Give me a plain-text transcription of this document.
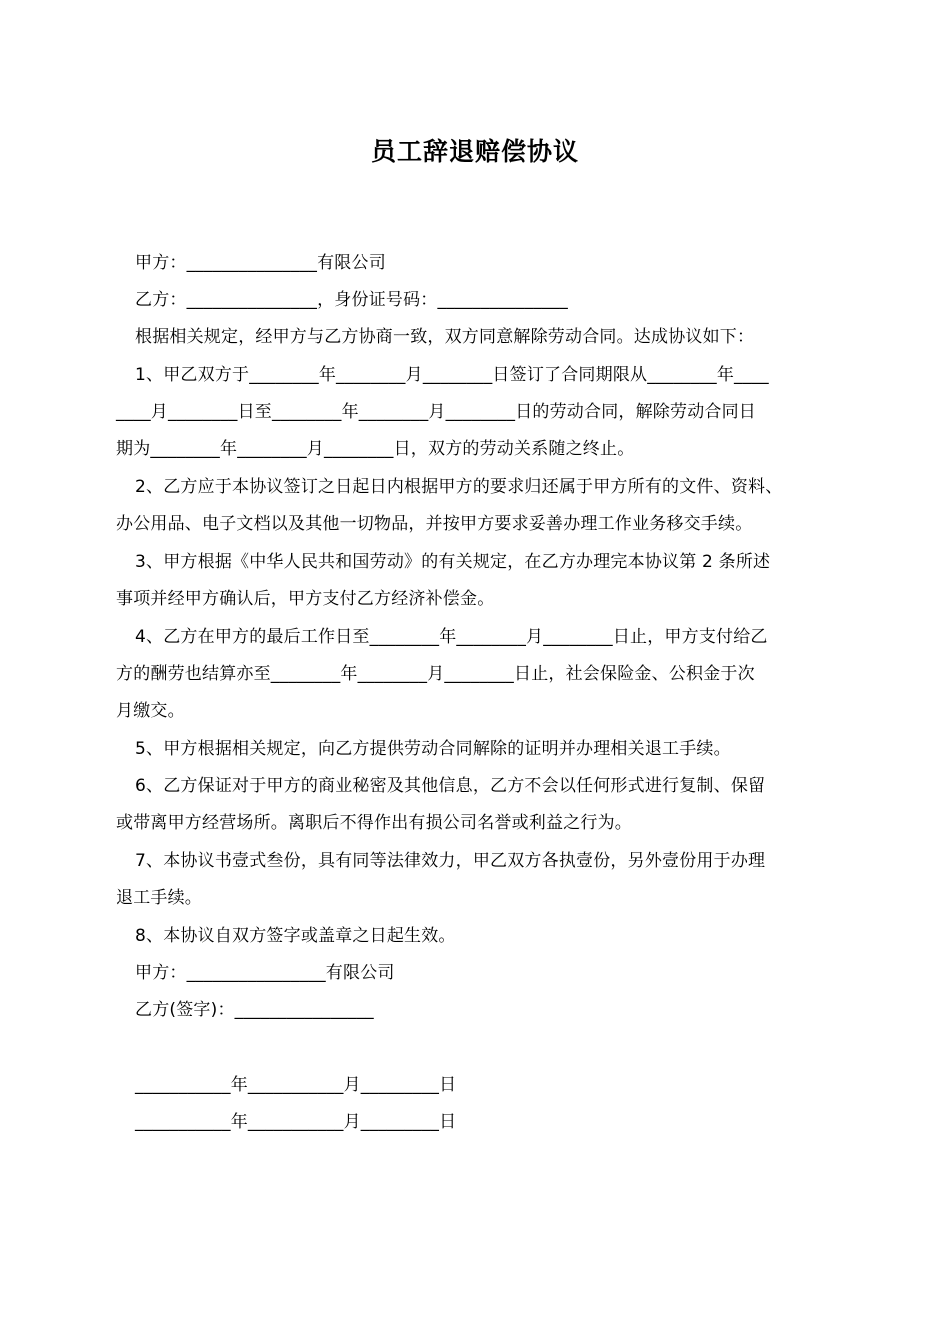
员工辞退赔偿协议
甲方：_______________有限公司
乙方：_______________，身份证号码：_______________
根据相关规定，经甲方与乙方协商一致，双方同意解除劳动合同。达成协议如下：
1、甲乙双方于________年________月________日签订了合同期限从________年____
____月________日至________年________月________日的劳动合同，解除劳动合同日
期为________年________月________日，双方的劳动关系随之终止。
2、乙方应于本协议签订之日起日内根据甲方的要求归还属于甲方所有的文件、资料、
办公用品、电子文档以及其他一切物品，并按甲方要求妥善办理工作业务移交手续。
3、甲方根据《中华人民共和国劳动》的有关规定，在乙方办理完本协议第 2 条所述
事项并经甲方确认后，甲方支付乙方经济补偿金。
4、乙方在甲方的最后工作日至________年________月________日止，甲方支付给乙
方的酬劳也结算亦至________年________月________日止，社会保险金、公积金于次
月缴交。
5、甲方根据相关规定，向乙方提供劳动合同解除的证明并办理相关退工手续。
6、乙方保证对于甲方的商业秘密及其他信息，乙方不会以任何形式进行复制、保留
或带离甲方经营场所。离职后不得作出有损公司名誉或利益之行为。
7、本协议书壹式叁份，具有同等法律效力，甲乙双方各执壹份，另外壹份用于办理
退工手续。
8、本协议自双方签字或盖章之日起生效。
甲方：________________有限公司
乙方(签字)：________________
___________年___________月_________日
___________年___________月_________日
